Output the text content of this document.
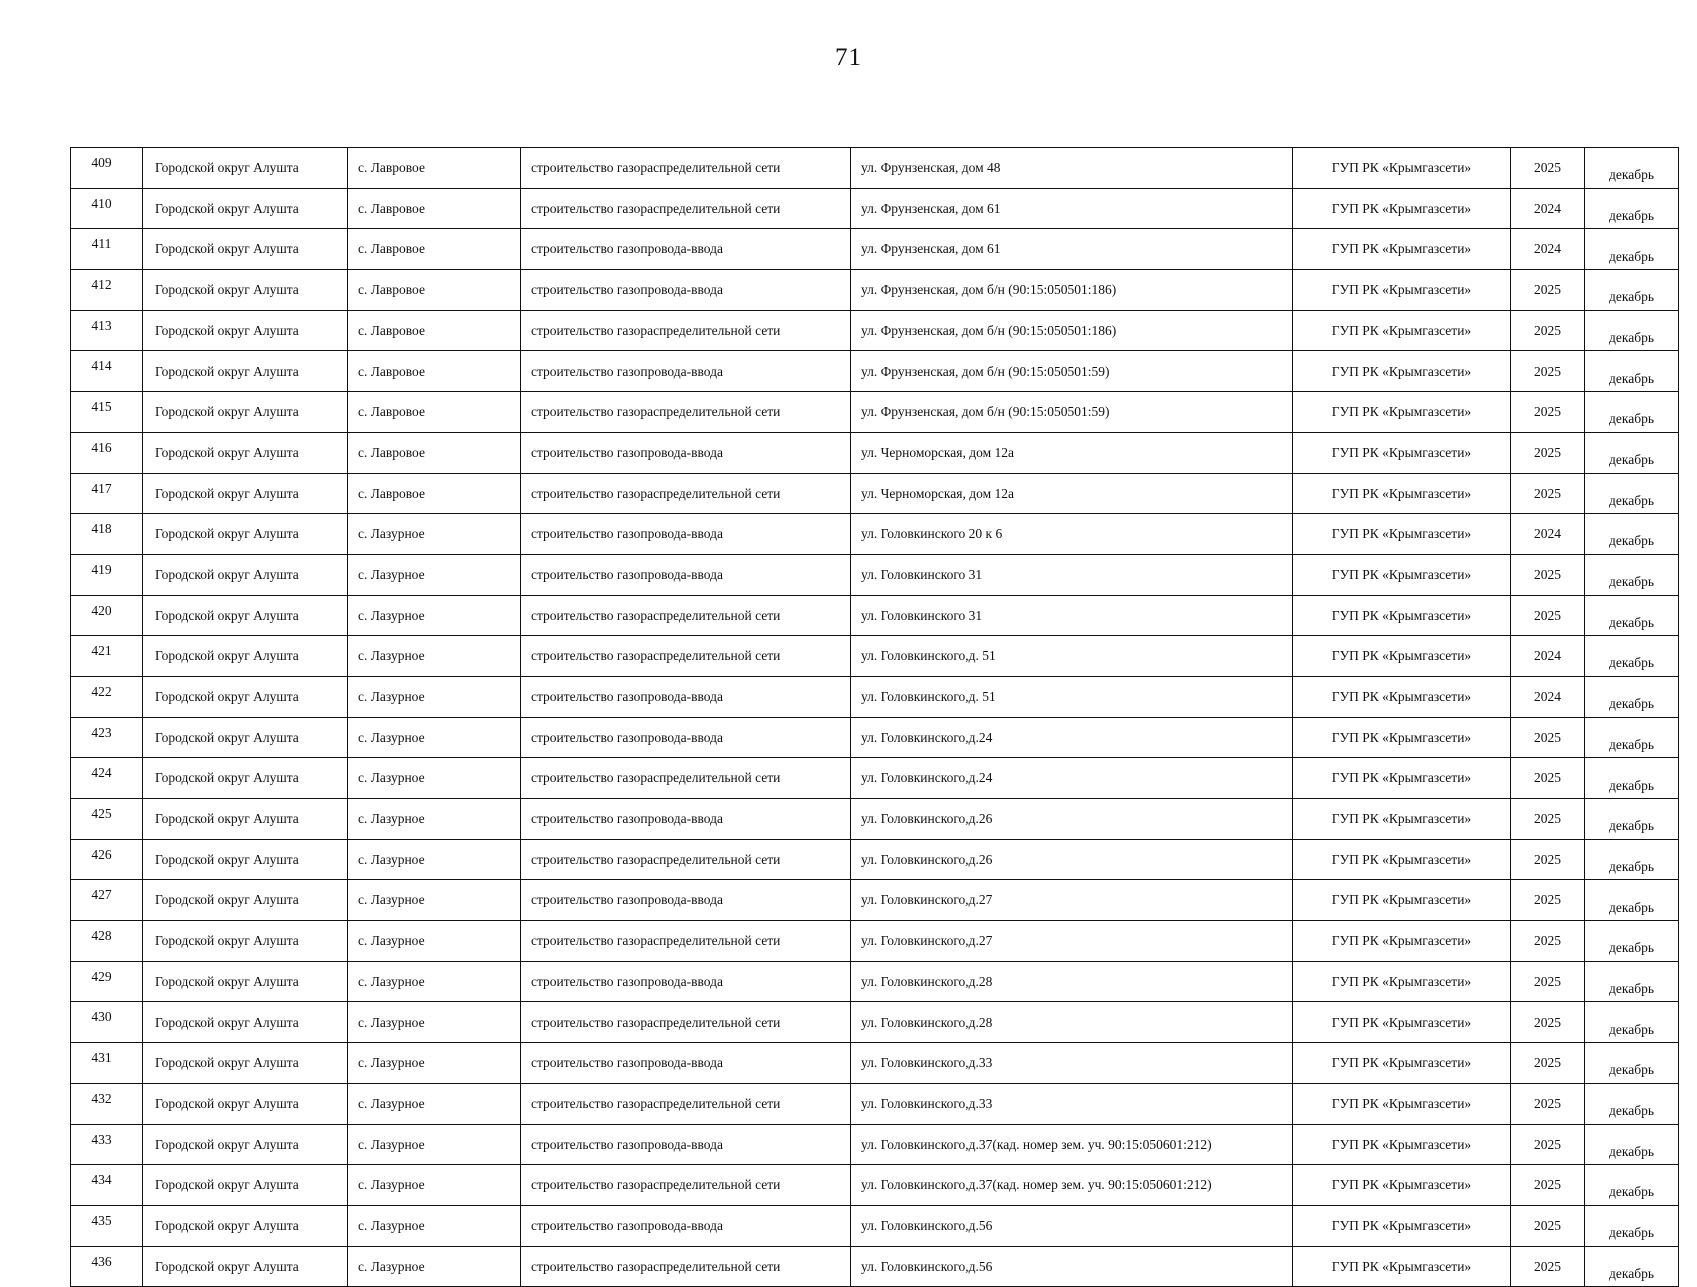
71
409	Городской округ Алушта	с. Лавровое	строительство газораспределительной сети	ул. Фрунзенская, дом 48	ГУП РК «Крымгазсети»	2025	декабрь
410	Городской округ Алушта	с. Лавровое	строительство газораспределительной сети	ул. Фрунзенская, дом 61	ГУП РК «Крымгазсети»	2024	декабрь
411	Городской округ Алушта	с. Лавровое	строительство газопровода-ввода	ул. Фрунзенская, дом 61	ГУП РК «Крымгазсети»	2024	декабрь
412	Городской округ Алушта	с. Лавровое	строительство газопровода-ввода	ул. Фрунзенская, дом б/н (90:15:050501:186)	ГУП РК «Крымгазсети»	2025	декабрь
413	Городской округ Алушта	с. Лавровое	строительство газораспределительной сети	ул. Фрунзенская, дом б/н (90:15:050501:186)	ГУП РК «Крымгазсети»	2025	декабрь
414	Городской округ Алушта	с. Лавровое	строительство газопровода-ввода	ул. Фрунзенская, дом б/н (90:15:050501:59)	ГУП РК «Крымгазсети»	2025	декабрь
415	Городской округ Алушта	с. Лавровое	строительство газораспределительной сети	ул. Фрунзенская, дом б/н (90:15:050501:59)	ГУП РК «Крымгазсети»	2025	декабрь
416	Городской округ Алушта	с. Лавровое	строительство газопровода-ввода	ул. Черноморская, дом 12а	ГУП РК «Крымгазсети»	2025	декабрь
417	Городской округ Алушта	с. Лавровое	строительство газораспределительной сети	ул. Черноморская, дом 12а	ГУП РК «Крымгазсети»	2025	декабрь
418	Городской округ Алушта	с. Лазурное	строительство газопровода-ввода	ул. Головкинского 20 к 6	ГУП РК «Крымгазсети»	2024	декабрь
419	Городской округ Алушта	с. Лазурное	строительство газопровода-ввода	ул. Головкинского 31	ГУП РК «Крымгазсети»	2025	декабрь
420	Городской округ Алушта	с. Лазурное	строительство газораспределительной сети	ул. Головкинского 31	ГУП РК «Крымгазсети»	2025	декабрь
421	Городской округ Алушта	с. Лазурное	строительство газораспределительной сети	ул. Головкинского,д. 51	ГУП РК «Крымгазсети»	2024	декабрь
422	Городской округ Алушта	с. Лазурное	строительство газопровода-ввода	ул. Головкинского,д. 51	ГУП РК «Крымгазсети»	2024	декабрь
423	Городской округ Алушта	с. Лазурное	строительство газопровода-ввода	ул. Головкинского,д.24	ГУП РК «Крымгазсети»	2025	декабрь
424	Городской округ Алушта	с. Лазурное	строительство газораспределительной сети	ул. Головкинского,д.24	ГУП РК «Крымгазсети»	2025	декабрь
425	Городской округ Алушта	с. Лазурное	строительство газопровода-ввода	ул. Головкинского,д.26	ГУП РК «Крымгазсети»	2025	декабрь
426	Городской округ Алушта	с. Лазурное	строительство газораспределительной сети	ул. Головкинского,д.26	ГУП РК «Крымгазсети»	2025	декабрь
427	Городской округ Алушта	с. Лазурное	строительство газопровода-ввода	ул. Головкинского,д.27	ГУП РК «Крымгазсети»	2025	декабрь
428	Городской округ Алушта	с. Лазурное	строительство газораспределительной сети	ул. Головкинского,д.27	ГУП РК «Крымгазсети»	2025	декабрь
429	Городской округ Алушта	с. Лазурное	строительство газопровода-ввода	ул. Головкинского,д.28	ГУП РК «Крымгазсети»	2025	декабрь
430	Городской округ Алушта	с. Лазурное	строительство газораспределительной сети	ул. Головкинского,д.28	ГУП РК «Крымгазсети»	2025	декабрь
431	Городской округ Алушта	с. Лазурное	строительство газопровода-ввода	ул. Головкинского,д.33	ГУП РК «Крымгазсети»	2025	декабрь
432	Городской округ Алушта	с. Лазурное	строительство газораспределительной сети	ул. Головкинского,д.33	ГУП РК «Крымгазсети»	2025	декабрь
433	Городской округ Алушта	с. Лазурное	строительство газопровода-ввода	ул. Головкинского,д.37(кад. номер зем. уч. 90:15:050601:212)	ГУП РК «Крымгазсети»	2025	декабрь
434	Городской округ Алушта	с. Лазурное	строительство газораспределительной сети	ул. Головкинского,д.37(кад. номер зем. уч. 90:15:050601:212)	ГУП РК «Крымгазсети»	2025	декабрь
435	Городской округ Алушта	с. Лазурное	строительство газопровода-ввода	ул. Головкинского,д.56	ГУП РК «Крымгазсети»	2025	декабрь
436	Городской округ Алушта	с. Лазурное	строительство газораспределительной сети	ул. Головкинского,д.56	ГУП РК «Крымгазсети»	2025	декабрь
